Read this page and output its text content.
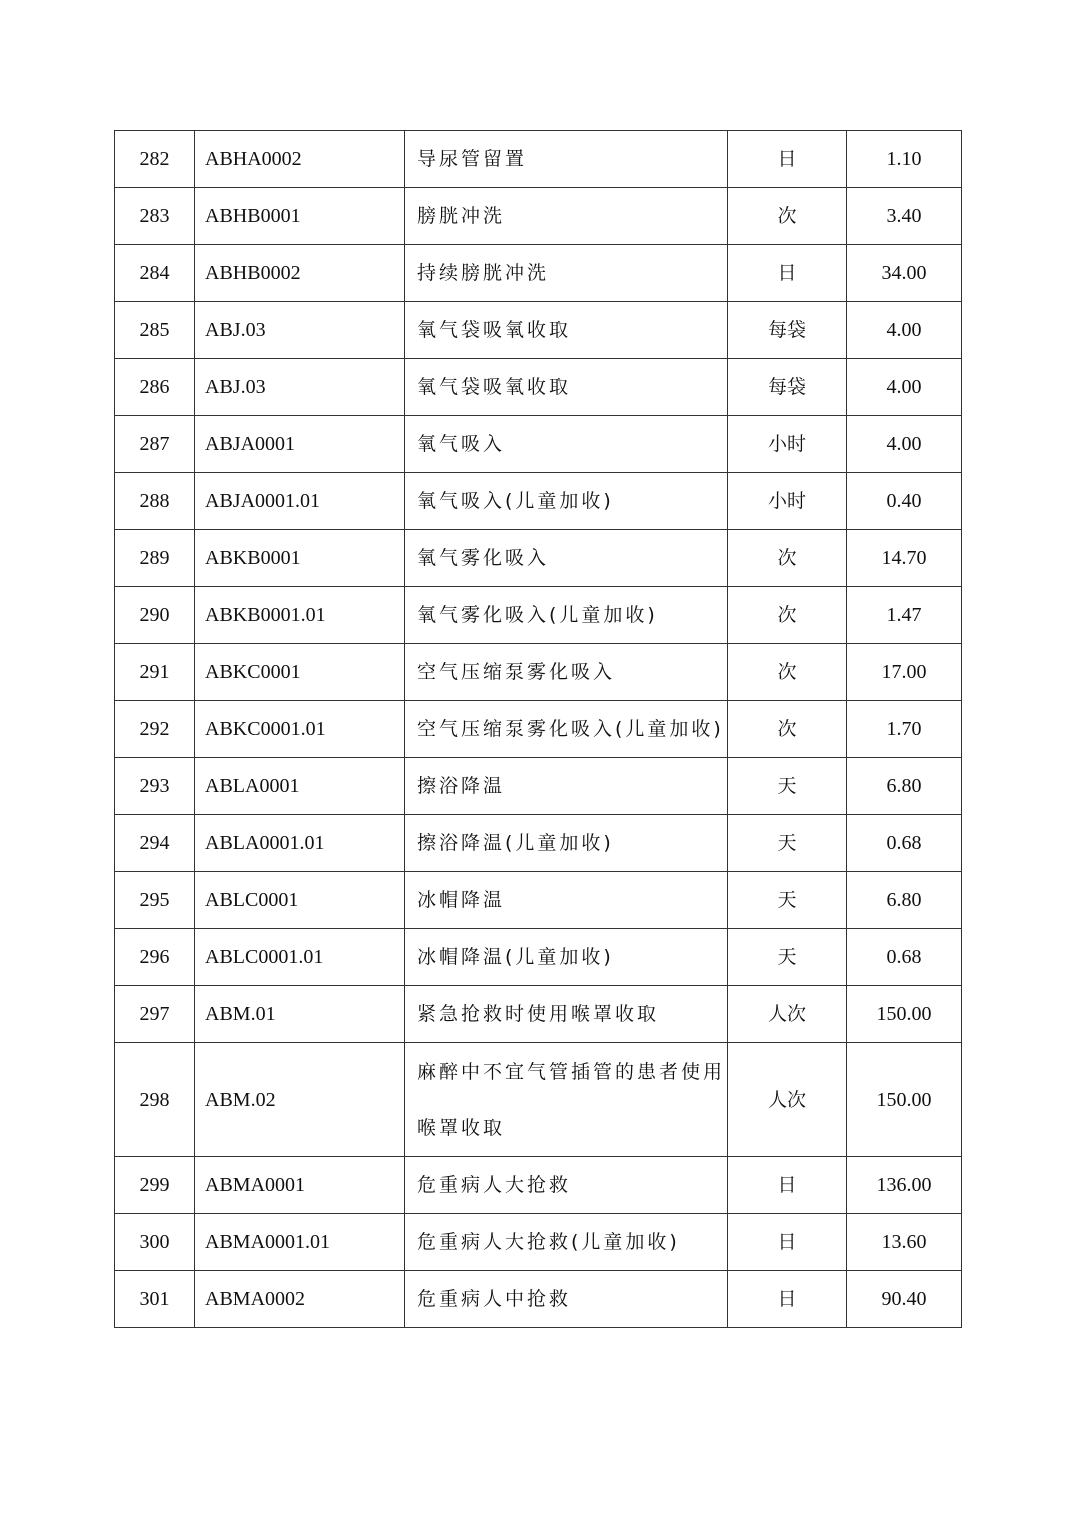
282	ABHA0002	导尿管留置	日	1.10
283	ABHB0001	膀胱冲洗	次	3.40
284	ABHB0002	持续膀胱冲洗	日	34.00
285	ABJ.03	氧气袋吸氧收取	每袋	4.00
286	ABJ.03	氧气袋吸氧收取	每袋	4.00
287	ABJA0001	氧气吸入	小时	4.00
288	ABJA0001.01	氧气吸入(儿童加收)	小时	0.40
289	ABKB0001	氧气雾化吸入	次	14.70
290	ABKB0001.01	氧气雾化吸入(儿童加收)	次	1.47
291	ABKC0001	空气压缩泵雾化吸入	次	17.00
292	ABKC0001.01	空气压缩泵雾化吸入(儿童加收)	次	1.70
293	ABLA0001	擦浴降温	天	6.80
294	ABLA0001.01	擦浴降温(儿童加收)	天	0.68
295	ABLC0001	冰帽降温	天	6.80
296	ABLC0001.01	冰帽降温(儿童加收)	天	0.68
297	ABM.01	紧急抢救时使用喉罩收取	人次	150.00
298	ABM.02	麻醉中不宜气管插管的患者使用喉罩收取	人次	150.00
299	ABMA0001	危重病人大抢救	日	136.00
300	ABMA0001.01	危重病人大抢救(儿童加收)	日	13.60
301	ABMA0002	危重病人中抢救	日	90.40
